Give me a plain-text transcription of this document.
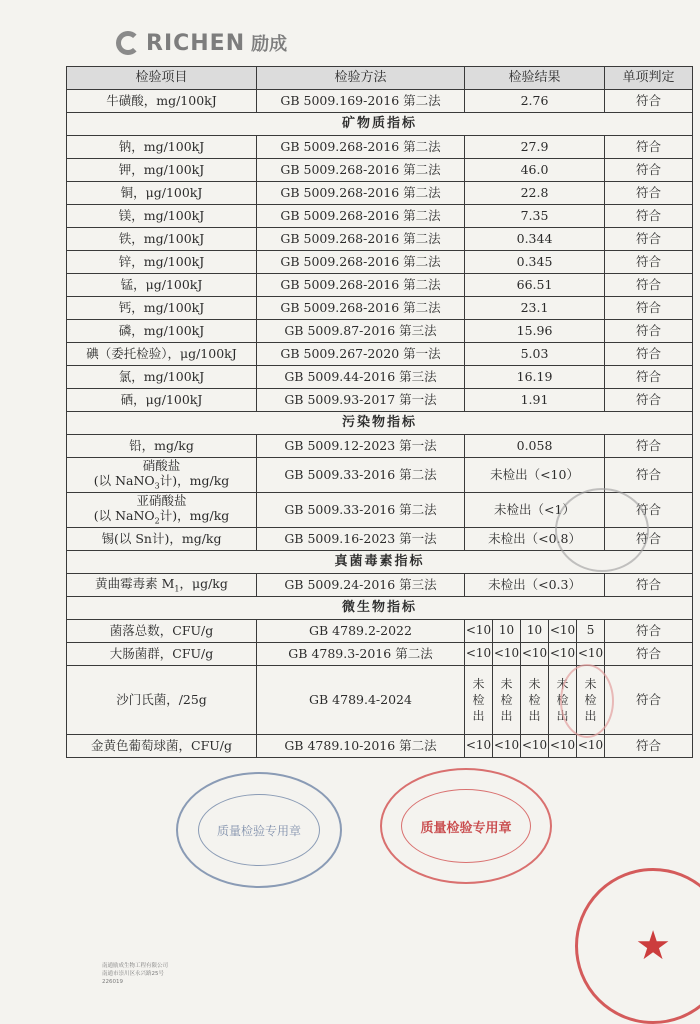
RICHEN 励成
检验项目	检验方法	检验结果					单项判定
牛磺酸，mg/100kJ	GB 5009.169-2016 第二法	2.76					符合
矿物质指标							
钠，mg/100kJ	GB 5009.268-2016 第二法	27.9					符合
钾，mg/100kJ	GB 5009.268-2016 第二法	46.0					符合
铜，μg/100kJ	GB 5009.268-2016 第二法	22.8					符合
镁，mg/100kJ	GB 5009.268-2016 第二法	7.35					符合
铁，mg/100kJ	GB 5009.268-2016 第二法	0.344					符合
锌，mg/100kJ	GB 5009.268-2016 第二法	0.345					符合
锰，μg/100kJ	GB 5009.268-2016 第二法	66.51					符合
钙，mg/100kJ	GB 5009.268-2016 第二法	23.1					符合
磷，mg/100kJ	GB 5009.87-2016 第三法	15.96					符合
碘（委托检验），μg/100kJ	GB 5009.267-2020 第一法	5.03					符合
氯，mg/100kJ	GB 5009.44-2016 第三法	16.19					符合
硒，μg/100kJ	GB 5009.93-2017 第一法	1.91					符合
污染物指标							
铅，mg/kg	GB 5009.12-2023 第一法	0.058					符合
硝酸盐
(以 NaNO$_3$计)，mg/kg	GB 5009.33-2016 第二法	未检出（<10）					符合
亚硝酸盐
(以 NaNO$_2$计)，mg/kg	GB 5009.33-2016 第二法	未检出（<1）					符合
锡(以 Sn计)，mg/kg	GB 5009.16-2023 第一法	未检出（<0.8）					符合
真菌毒素指标							
黄曲霉毒素 $M_1$，μg/kg	GB 5009.24-2016 第三法	未检出（<0.3）					符合
微生物指标							
菌落总数，CFU/g	GB 4789.2-2022	<10	10	10	<10	5	符合
大肠菌群，CFU/g	GB 4789.3-2016 第二法	<10	<10	<10	<10	<10	符合
沙门氏菌，/25g	GB 4789.4-2024	未检出	未检出	未检出	未检出	未检出	符合
金黄色葡萄球菌，CFU/g	GB 4789.10-2016 第二法	<10	<10	<10	<10	<10	符合
质量检验专用章	质量检验专用章
★
南通励成生物工程有限公司
南通市崇川区永兴路25号
226019
